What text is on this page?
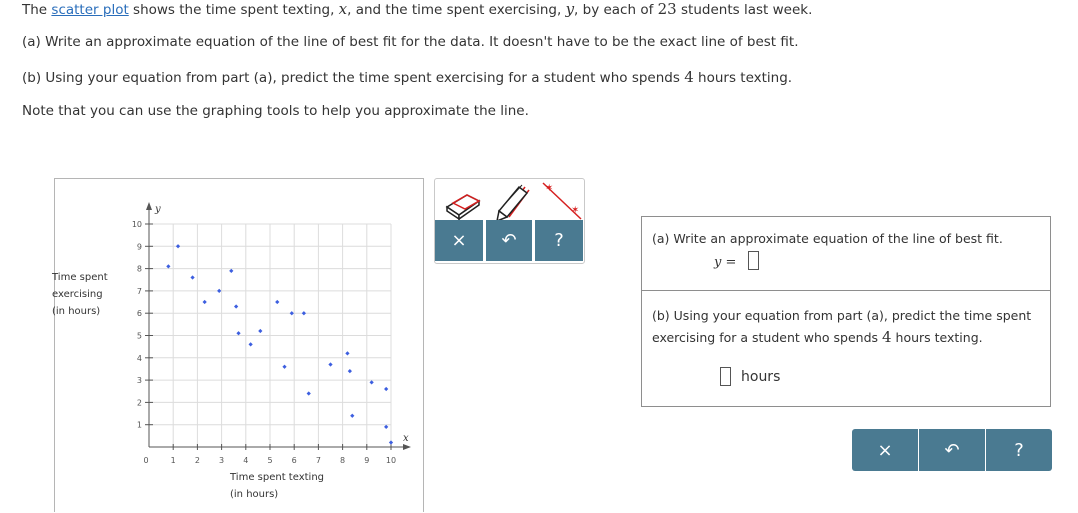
The scatter plot shows the time spent texting, x, and the time spent exercising, y, by each of 23 students last week.
(a) Write an approximate equation of the line of best fit for the data. It doesn't have to be the exact line of best fit.
(b) Using your equation from part (a), predict the time spent exercising for a student who spends 4 hours texting.
Note that you can use the graphing tools to help you approximate the line.
x
y
0	1 2 3 4 5 6 7 8 9 10
1
2
3
4
5
6
7
8
9
10
Time spent
exercising
(in hours)
Time spent texting
(in hours)
✶
✶
×	↶	?	(a) Write an approximate equation of the line of best fit.
y =
(b) Using your equation from part (a), predict the time spent
exercising for a student who spends 4 hours texting.
hours
×	↶	?
